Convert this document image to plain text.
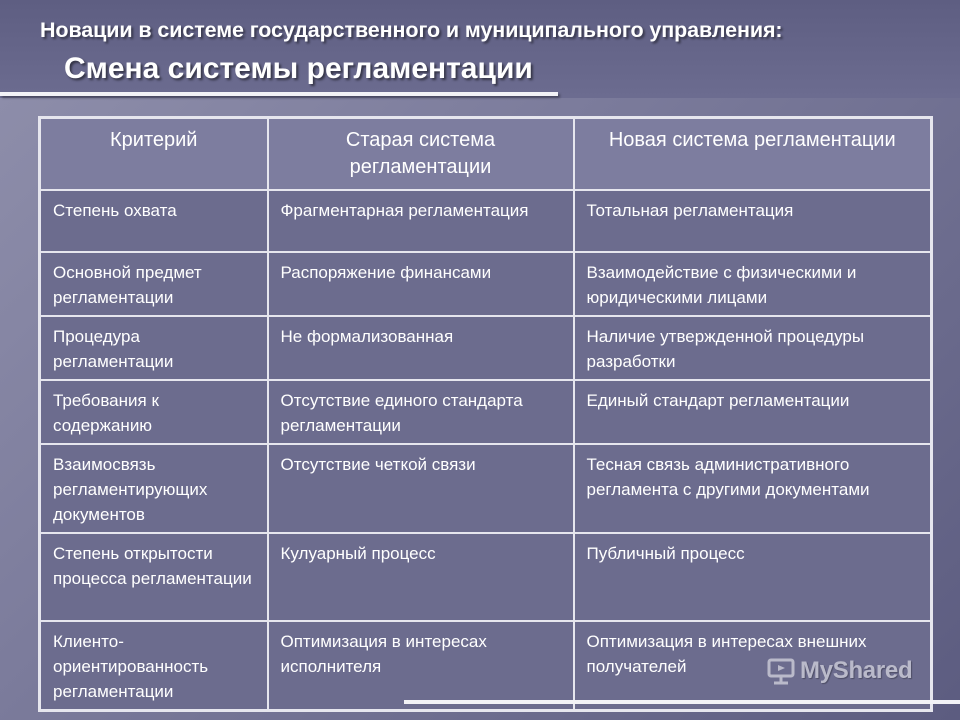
Новации в системе государственного и муниципального управления:
Смена системы регламентации
Критерий	Старая система регламентации	Новая система регламентации
Степень охвата	Фрагментарная регламентация	Тотальная регламентация
Основной предмет регламентации	Распоряжение финансами	Взаимодействие с физическими и юридическими лицами
Процедура регламентации	Не формализованная	Наличие утвержденной процедуры разработки
Требования к содержанию	Отсутствие единого стандарта регламентации	Единый стандарт регламентации
Взаимосвязь регламентирующих документов	Отсутствие четкой связи	Тесная связь административного регламента с другими документами
Степень открытости процесса регламентации	Кулуарный процесс	Публичный процесс
Клиенто-ориентированность регламентации	Оптимизация в интересах исполнителя	Оптимизация в интересах внешних получателей	MyShared
